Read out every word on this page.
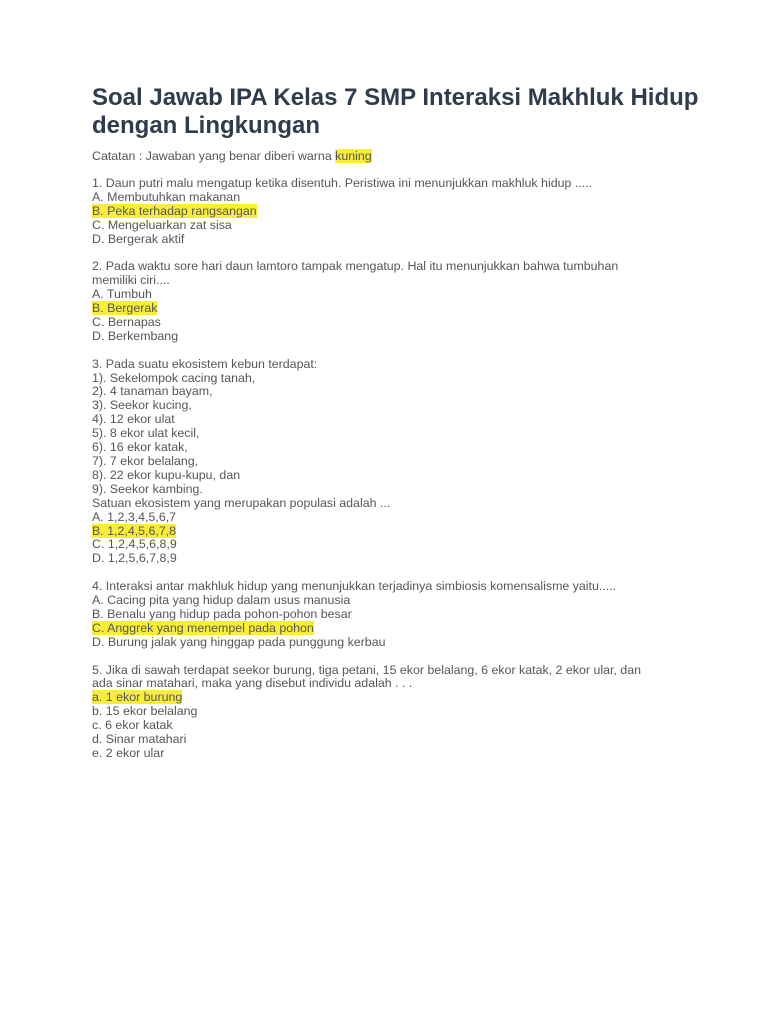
Soal Jawab IPA Kelas 7 SMP Interaksi Makhluk Hidup dengan Lingkungan

Catatan : Jawaban yang benar diberi warna kuning

1. Daun putri malu mengatup ketika disentuh. Peristiwa ini menunjukkan makhluk hidup .....
A. Membutuhkan makanan
B. Peka terhadap rangsangan
C. Mengeluarkan zat sisa
D. Bergerak aktif
2. Pada waktu sore hari daun lamtoro tampak mengatup. Hal itu menunjukkan bahwa tumbuhan
memiliki ciri....
A. Tumbuh
B. Bergerak
C. Bernapas
D. Berkembang
3. Pada suatu ekosistem kebun terdapat:
1). Sekelompok cacing tanah,
2). 4 tanaman bayam,
3). Seekor kucing,
4). 12 ekor ulat
5). 8 ekor ulat kecil,
6). 16 ekor katak,
7). 7 ekor belalang,
8). 22 ekor kupu-kupu, dan
9). Seekor kambing.
Satuan ekosistem yang merupakan populasi adalah ...
A. 1,2,3,4,5,6,7
B. 1,2,4,5,6,7,8
C. 1,2,4,5,6,8,9
D. 1,2,5,6,7,8,9
4. Interaksi antar makhluk hidup yang menunjukkan terjadinya simbiosis komensalisme yaitu.....
A. Cacing pita yang hidup dalam usus manusia
B. Benalu yang hidup pada pohon-pohon besar
C. Anggrek yang menempel pada pohon
D. Burung jalak yang hinggap pada punggung kerbau
5. Jika di sawah terdapat seekor burung, tiga petani, 15 ekor belalang, 6 ekor katak, 2 ekor ular, dan
ada sinar matahari, maka yang disebut individu adalah . . .
a. 1 ekor burung
b. 15 ekor belalang
c. 6 ekor katak
d. Sinar matahari
e. 2 ekor ular
